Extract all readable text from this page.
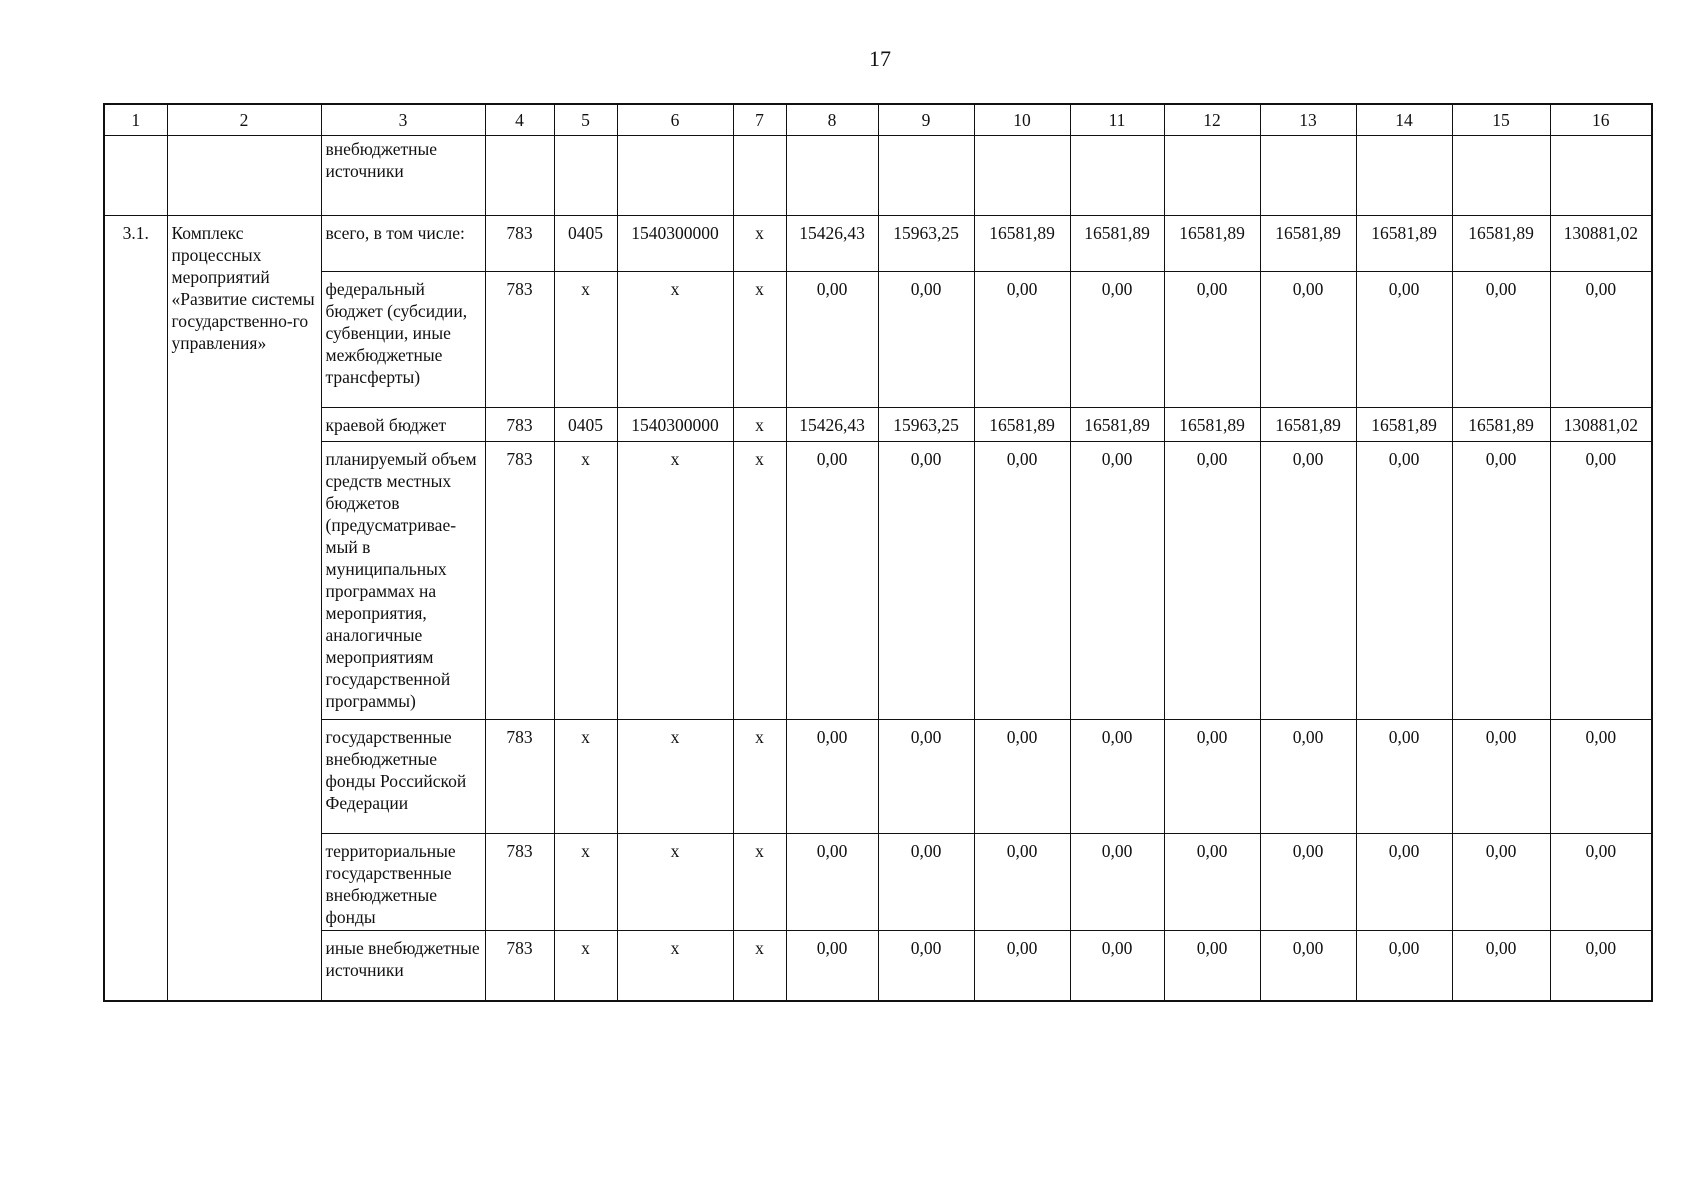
17
1	2	3	4	5	6	7	8	9	10	11	12	13	14	15	16
		внебюджетные источники													
3.1.	Комплекс процессных мероприятий «Развитие системы государственно-го управления»	всего, в том числе:	783	0405	1540300000	x	15426,43	15963,25	16581,89	16581,89	16581,89	16581,89	16581,89	16581,89	130881,02
		федеральный бюджет (субсидии, субвенции, иные межбюджетные трансферты)	783	x	x	x	0,00	0,00	0,00	0,00	0,00	0,00	0,00	0,00	0,00
		краевой бюджет	783	0405	1540300000	x	15426,43	15963,25	16581,89	16581,89	16581,89	16581,89	16581,89	16581,89	130881,02
		планируемый объем средств местных бюджетов (предусматривае-мый в муниципальных программах на мероприятия, аналогичные мероприятиям государственной программы)	783	x	x	x	0,00	0,00	0,00	0,00	0,00	0,00	0,00	0,00	0,00
		государственные внебюджетные фонды Российской Федерации	783	x	x	x	0,00	0,00	0,00	0,00	0,00	0,00	0,00	0,00	0,00
		территориальные государственные внебюджетные фонды	783	x	x	x	0,00	0,00	0,00	0,00	0,00	0,00	0,00	0,00	0,00
		иные внебюджетные источники	783	x	x	x	0,00	0,00	0,00	0,00	0,00	0,00	0,00	0,00	0,00
